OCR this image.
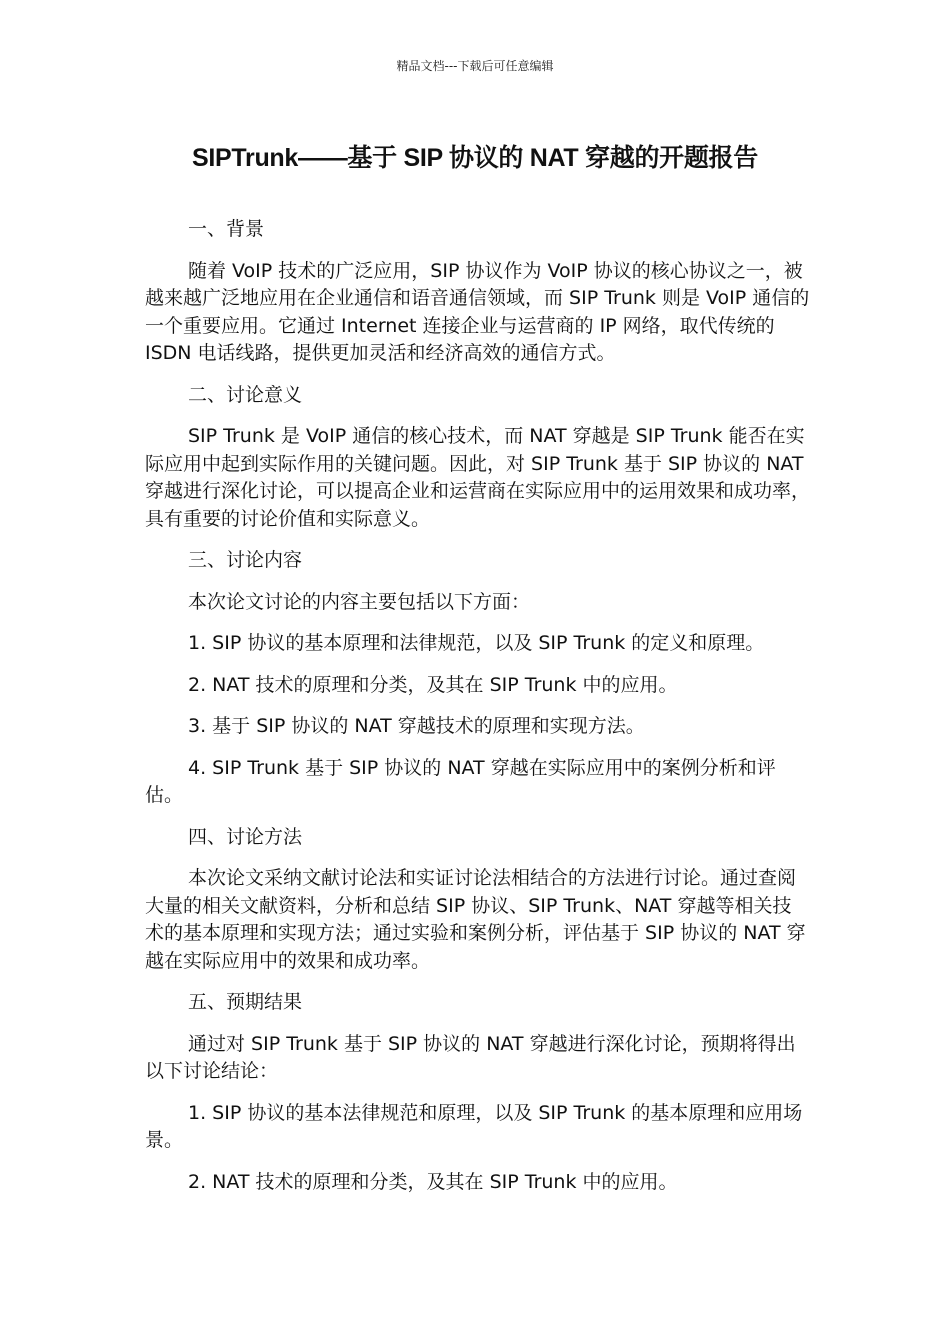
精品文档---下载后可任意编辑
SIPTrunk——基于 SIP 协议的 NAT 穿越的开题报告

一、背景

随着 VoIP 技术的广泛应用，SIP 协议作为 VoIP 协议的核心协议之一，被越来越广泛地应用在企业通信和语音通信领域，而 SIP Trunk 则是 VoIP 通信的一个重要应用。它通过 Internet 连接企业与运营商的 IP 网络，取代传统的 ISDN 电话线路，提供更加灵活和经济高效的通信方式。

二、讨论意义

SIP Trunk 是 VoIP 通信的核心技术，而 NAT 穿越是 SIP Trunk 能否在实际应用中起到实际作用的关键问题。因此，对 SIP Trunk 基于 SIP 协议的 NAT 穿越进行深化讨论，可以提高企业和运营商在实际应用中的运用效果和成功率，具有重要的讨论价值和实际意义。

三、讨论内容

本次论文讨论的内容主要包括以下方面：

1. SIP 协议的基本原理和法律规范，以及 SIP Trunk 的定义和原理。

2. NAT 技术的原理和分类，及其在 SIP Trunk 中的应用。

3. 基于 SIP 协议的 NAT 穿越技术的原理和实现方法。

4. SIP Trunk 基于 SIP 协议的 NAT 穿越在实际应用中的案例分析和评估。

四、讨论方法

本次论文采纳文献讨论法和实证讨论法相结合的方法进行讨论。通过查阅大量的相关文献资料，分析和总结 SIP 协议、SIP Trunk、NAT 穿越等相关技术的基本原理和实现方法；通过实验和案例分析，评估基于 SIP 协议的 NAT 穿越在实际应用中的效果和成功率。

五、预期结果

通过对 SIP Trunk 基于 SIP 协议的 NAT 穿越进行深化讨论，预期将得出以下讨论结论：

1. SIP 协议的基本法律规范和原理，以及 SIP Trunk 的基本原理和应用场景。

2. NAT 技术的原理和分类，及其在 SIP Trunk 中的应用。
